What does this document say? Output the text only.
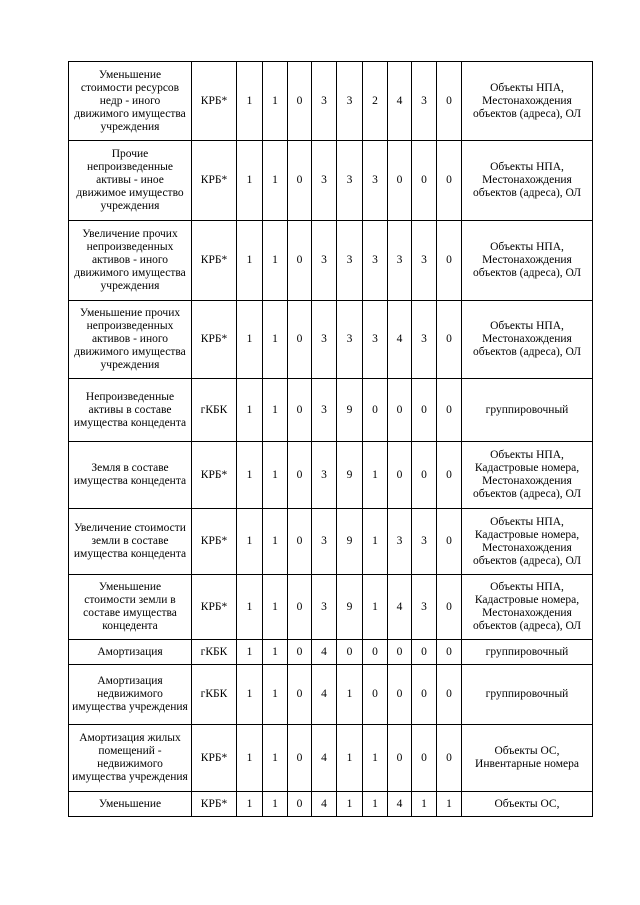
Уменьшение стоимости ресурсов недр - иного движимого имущества учреждения	КРБ*	1	1	0	3	3	2	4	3	0	Объекты НПА, Местонахождения объектов (адреса), ОЛ
Прочие непроизведенные активы - иное движимое имущество учреждения	КРБ*	1	1	0	3	3	3	0	0	0	Объекты НПА, Местонахождения объектов (адреса), ОЛ
Увеличение прочих непроизведенных активов - иного движимого имущества учреждения	КРБ*	1	1	0	3	3	3	3	3	0	Объекты НПА, Местонахождения объектов (адреса), ОЛ
Уменьшение прочих непроизведенных активов - иного движимого имущества учреждения	КРБ*	1	1	0	3	3	3	4	3	0	Объекты НПА, Местонахождения объектов (адреса), ОЛ
Непроизведенные активы в составе имущества концедента	гКБК	1	1	0	3	9	0	0	0	0	группировочный
Земля в составе имущества концедента	КРБ*	1	1	0	3	9	1	0	0	0	Объекты НПА, Кадастровые номера, Местонахождения объектов (адреса), ОЛ
Увеличение стоимости земли в составе имущества концедента	КРБ*	1	1	0	3	9	1	3	3	0	Объекты НПА, Кадастровые номера, Местонахождения объектов (адреса), ОЛ
Уменьшение стоимости земли в составе имущества концедента	КРБ*	1	1	0	3	9	1	4	3	0	Объекты НПА, Кадастровые номера, Местонахождения объектов (адреса), ОЛ
Амортизация	гКБК	1	1	0	4	0	0	0	0	0	группировочный
Амортизация недвижимого имущества учреждения	гКБК	1	1	0	4	1	0	0	0	0	группировочный
Амортизация жилых помещений - недвижимого имущества учреждения	КРБ*	1	1	0	4	1	1	0	0	0	Объекты ОС, Инвентарные номера
Уменьшение	КРБ*	1	1	0	4	1	1	4	1	1	Объекты ОС,
